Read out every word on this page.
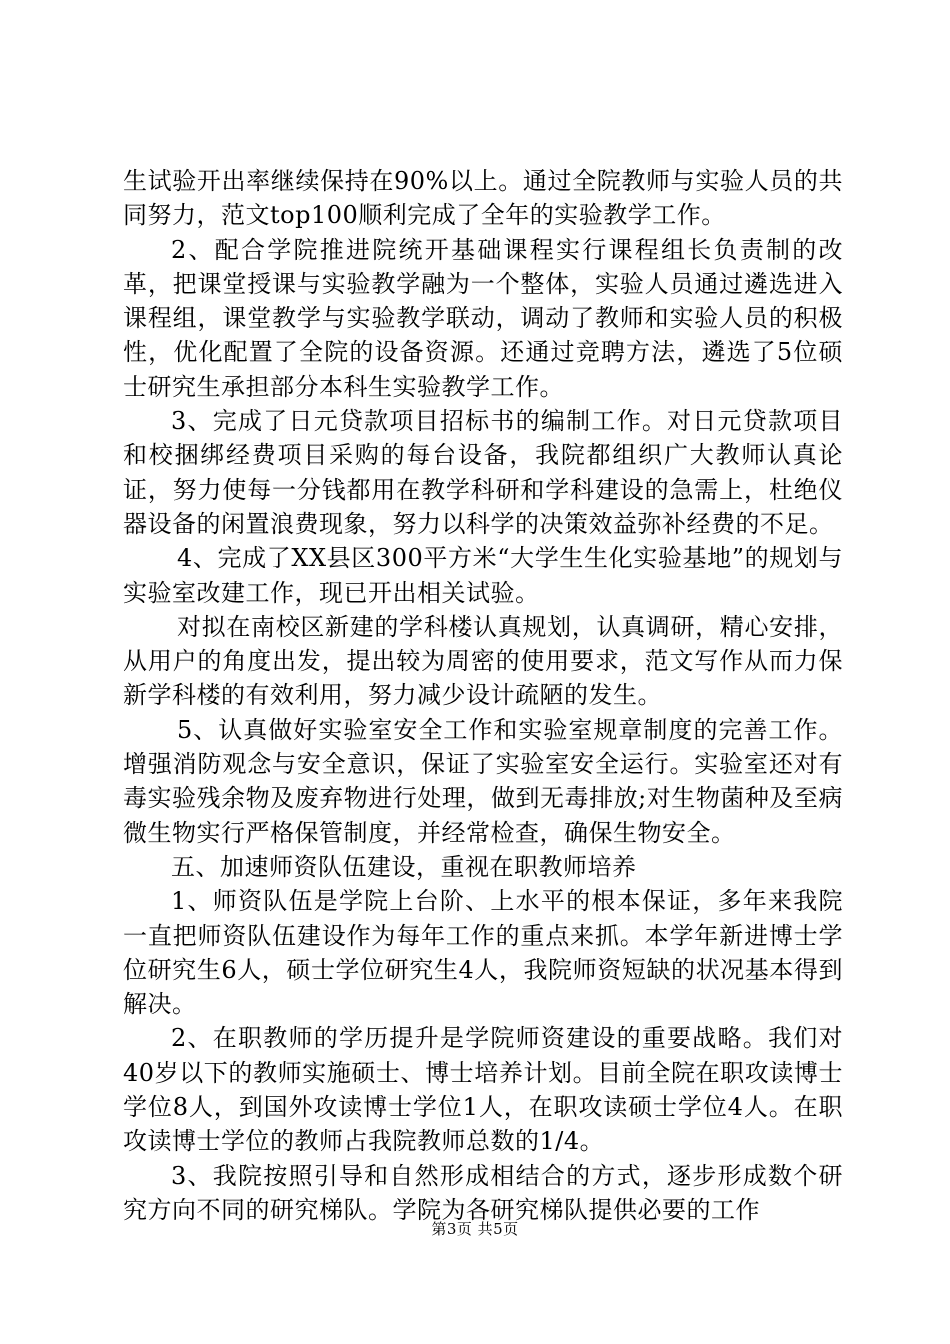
生试验开出率继续保持在90%以上。通过全院教师与实验人员的共同努力，范文top100顺利完成了全年的实验教学工作。

2、配合学院推进院统开基础课程实行课程组长负责制的改革，把课堂授课与实验教学融为一个整体，实验人员通过遴选进入课程组，课堂教学与实验教学联动，调动了教师和实验人员的积极性，优化配置了全院的设备资源。还通过竞聘方法，遴选了5位硕士研究生承担部分本科生实验教学工作。

3、完成了日元贷款项目招标书的编制工作。对日元贷款项目和校捆绑经费项目采购的每台设备，我院都组织广大教师认真论证，努力使每一分钱都用在教学科研和学科建设的急需上，杜绝仪器设备的闲置浪费现象，努力以科学的决策效益弥补经费的不足。

4、完成了XX县区300平方米“大学生生化实验基地”的规划与实验室改建工作，现已开出相关试验。

对拟在南校区新建的学科楼认真规划，认真调研，精心安排，从用户的角度出发，提出较为周密的使用要求，范文写作从而力保新学科楼的有效利用，努力减少设计疏陋的发生。

5、认真做好实验室安全工作和实验室规章制度的完善工作。增强消防观念与安全意识，保证了实验室安全运行。实验室还对有毒实验残余物及废弃物进行处理，做到无毒排放;对生物菌种及至病微生物实行严格保管制度，并经常检查，确保生物安全。

五、加速师资队伍建设，重视在职教师培养

1、师资队伍是学院上台阶、上水平的根本保证，多年来我院一直把师资队伍建设作为每年工作的重点来抓。本学年新进博士学位研究生6人，硕士学位研究生4人，我院师资短缺的状况基本得到解决。

2、在职教师的学历提升是学院师资建设的重要战略。我们对40岁以下的教师实施硕士、博士培养计划。目前全院在职攻读博士学位8人，到国外攻读博士学位1人，在职攻读硕士学位4人。在职攻读博士学位的教师占我院教师总数的1/4。

3、我院按照引导和自然形成相结合的方式，逐步形成数个研究方向不同的研究梯队。学院为各研究梯队提供必要的工作

第3页 共5页
